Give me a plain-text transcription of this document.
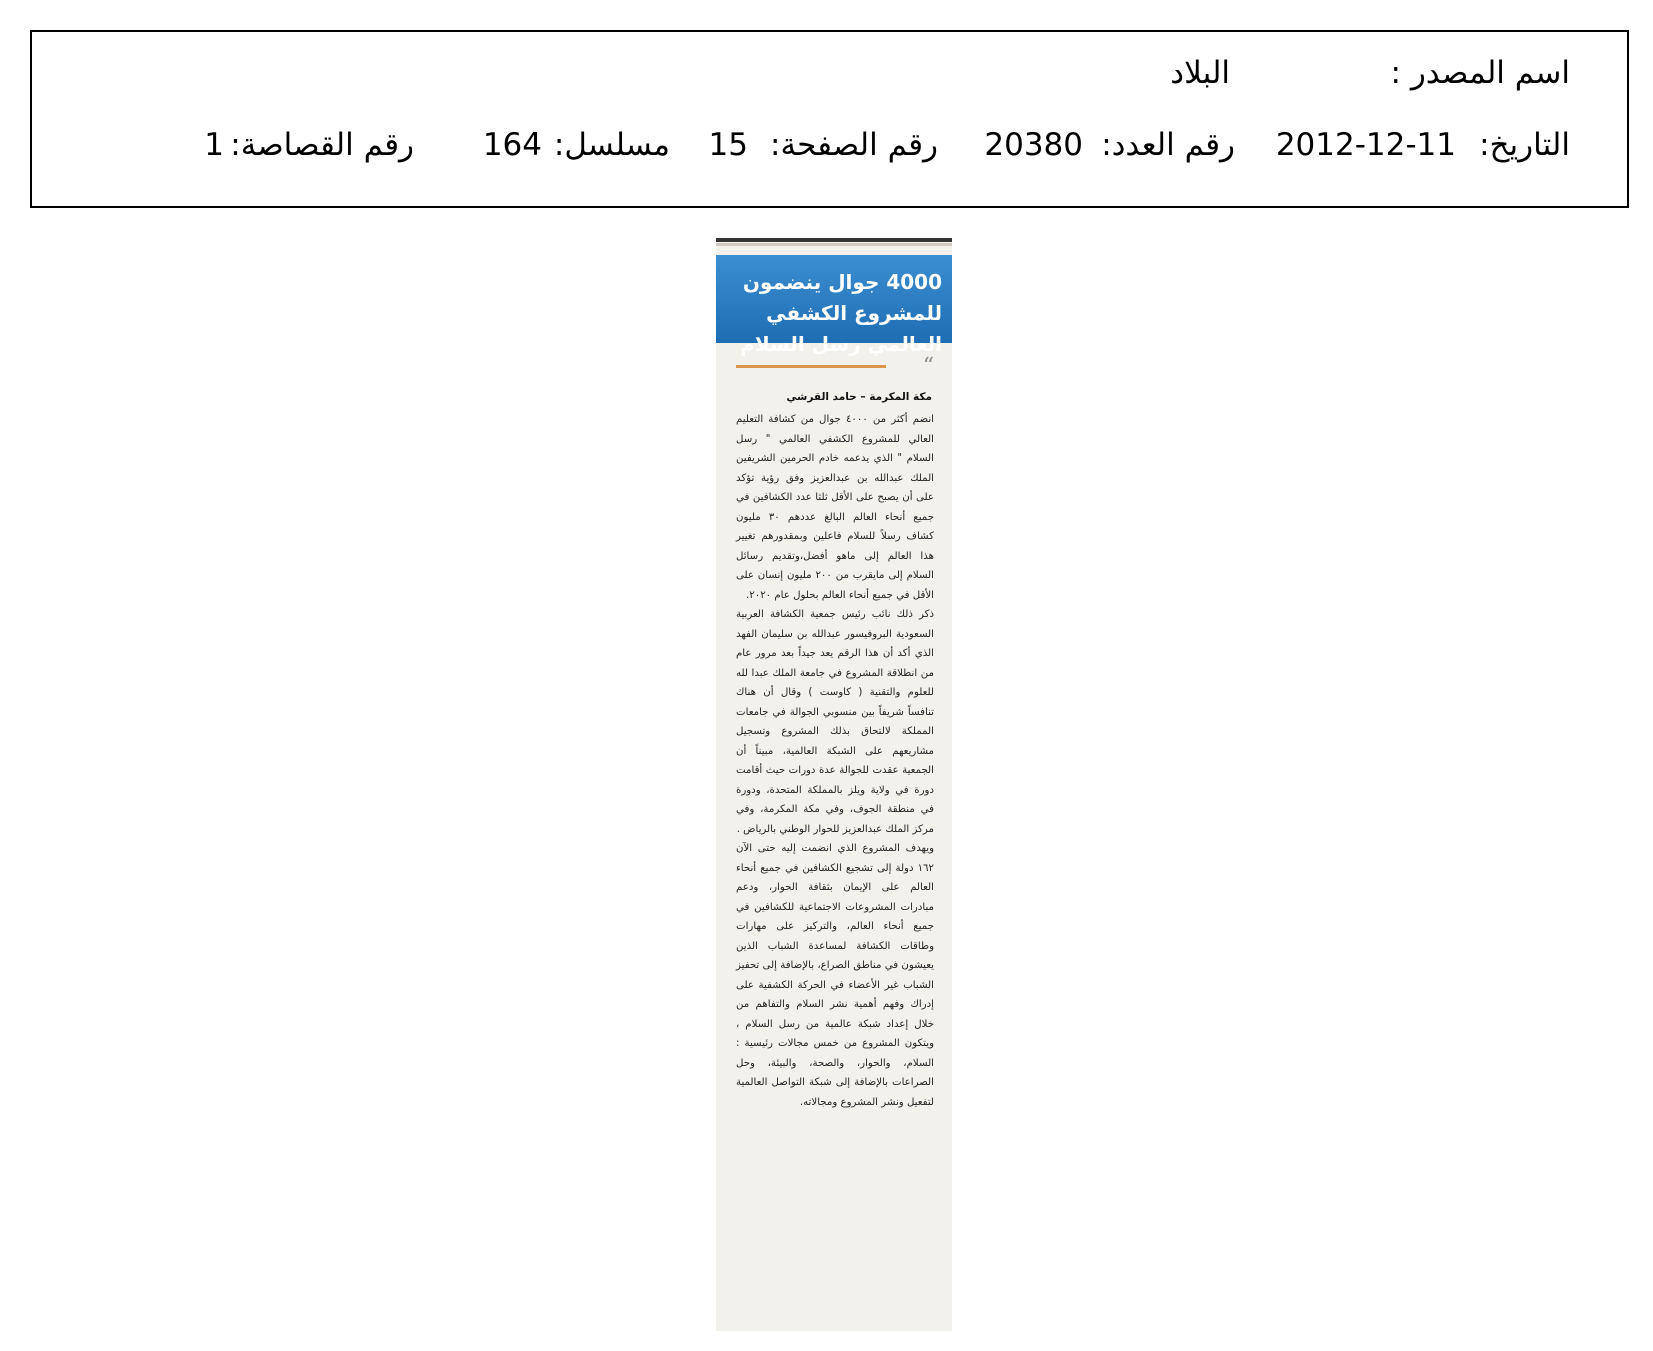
اسم المصدر :
البلاد
التاريخ:
2012-12-11
رقم العدد:
20380
رقم الصفحة:
15
مسلسل:
164
رقم القصاصة:
1
4000 جوال ينضمون للمشروع الكشفي العالمي رسل السلام
“
مكة المكرمة – حامد القرشي

انضم أكثر من ٤٠٠٠ جوال من كشافة التعليم العالي للمشروع الكشفي العالمي " رسل السلام " الذي يدعمه خادم الحرمين الشريفين الملك عبدالله بن عبدالعزيز وفق رؤية تؤكد على أن يصبح على الأقل ثلثا عدد الكشافين في جميع أنحاء العالم البالغ عددهم ٣٠ مليون كشاف رسلاً للسلام فاعلين وبمقدورهم تغيير هذا العالم إلى ماهو أفضل،وتقديم رسائل السلام إلى مايقرب من ٢٠٠ مليون إنسان على الأقل في جميع أنحاء العالم بحلول عام ٢٠٢٠.

ذكر ذلك نائب رئيس جمعية الكشافة العربية السعودية البروفيسور عبدالله بن سليمان الفهد الذي أكد أن هذا الرقم يعد جيداً بعد مرور عام من انطلاقة المشروع في جامعة الملك عبدا لله للعلوم والتقنية ( كاوست ) وقال أن هناك تنافساً شريفاً بين منسوبي الجوالة في جامعات المملكة لالتحاق بذلك المشروع وتسجيل مشاريعهم على الشبكة العالمية، مبيناً أن الجمعية عقدت للجوالة عدة دورات حيث أقامت دورة في ولاية ويلز بالمملكة المتحدة، ودورة في منطقة الجوف، وفي مكة المكرمة، وفي مركز الملك عبدالعزيز للحوار الوطني بالرياض .

ويهدف المشروع الذي انضمت إليه حتى الآن ١٦٢ دولة إلى تشجيع الكشافين في جميع أنحاء العالم على الإيمان بثقافة الحوار، ودعم مبادرات المشروعات الاجتماعية للكشافين في جميع أنحاء العالم، والتركيز على مهارات وطاقات الكشافة لمساعدة الشباب الذين يعيشون في مناطق الصراع، بالإضافة إلى تحفيز الشباب غير الأعضاء في الحركة الكشفية على إدراك وفهم أهمية نشر السلام والتفاهم من خلال إعداد شبكة عالمية من رسل السلام ، ويتكون المشروع من خمس مجالات رئيسية : السلام، والحوار، والصحة، والبيئة، وحل الصراعات بالإضافة إلى شبكة التواصل العالمية لتفعيل ونشر المشروع ومجالاته.
